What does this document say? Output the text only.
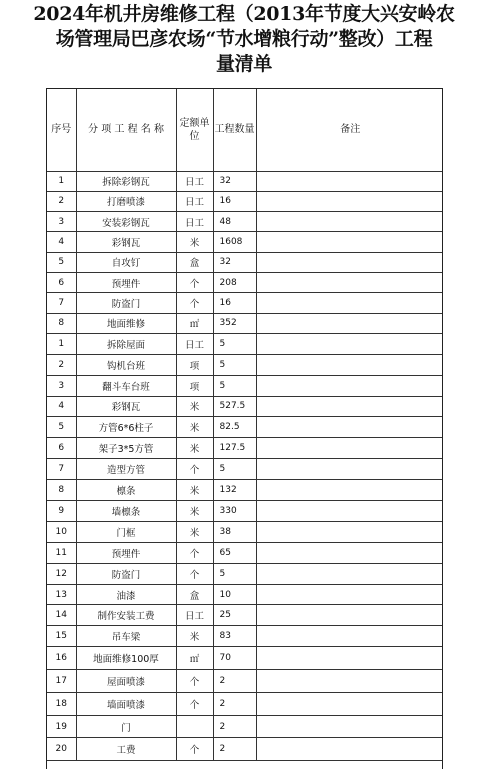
2024年机井房维修工程（2013年节度大兴安岭农
场管理局巴彦农场“节水增粮行动”整改）工程
量清单
序号	分 项 工 程 名 称	定额单位	工程数量	备注
1	拆除彩钢瓦	日工	32	
2	打磨喷漆	日工	16	
3	安装彩钢瓦	日工	48	
4	彩钢瓦	米	1608	
5	自攻钉	盒	32	
6	预埋件	个	208	
7	防盗门	个	16	
8	地面维修	㎡	352	
1	拆除屋面	日工	5	
2	钩机台班	项	5	
3	翻斗车台班	项	5	
4	彩钢瓦	米	527.5	
5	方管6*6柱子	米	82.5	
6	架子3*5方管	米	127.5	
7	造型方管	个	5	
8	檩条	米	132	
9	墙檩条	米	330	
10	门框	米	38	
11	预埋件	个	65	
12	防盗门	个	5	
13	油漆	盒	10	
14	制作安装工费	日工	25	
15	吊车梁	米	83	
16	地面维修100厚	㎡	70	
17	屋面喷漆	个	2	
18	墙面喷漆	个	2	
19	门		2	
20	工费	个	2	
